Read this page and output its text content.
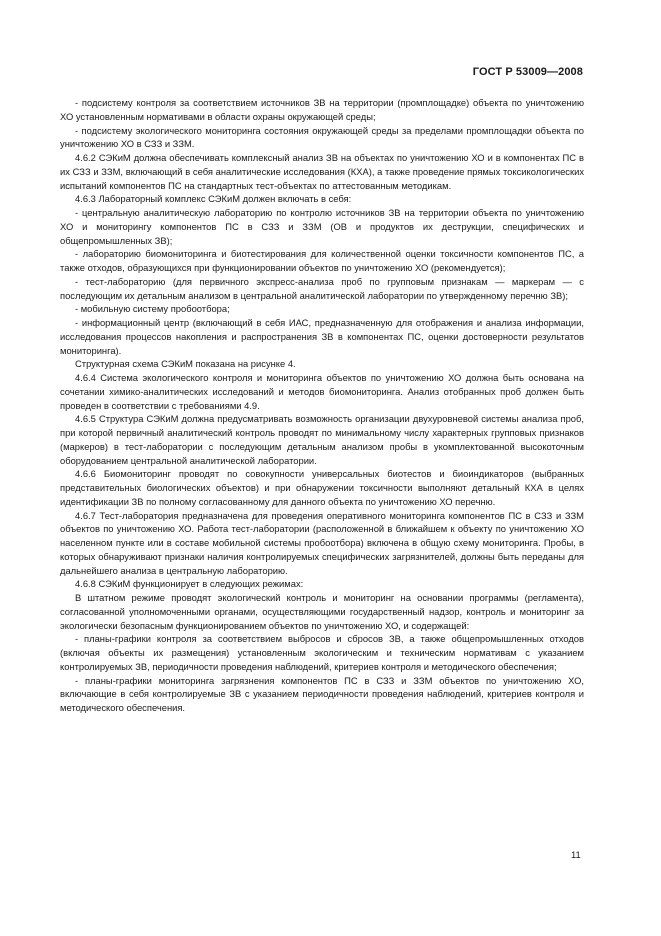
ГОСТ Р 53009—2008

- подсистему контроля за соответствием источников ЗВ на территории (промплощадке) объекта по уничтожению ХО установленным нормативами в области охраны окружающей среды;

- подсистему экологического мониторинга состояния окружающей среды за пределами промплощадки объекта по уничтожению ХО в СЗЗ и ЗЗМ.

4.6.2 СЭКиМ должна обеспечивать комплексный анализ ЗВ на объектах по уничтожению ХО и в компонентах ПС в их СЗЗ и ЗЗМ, включающий в себя аналитические исследования (КХА), а также проведение прямых токсикологических испытаний компонентов ПС на стандартных тест-объектах по аттестованным методикам.

4.6.3 Лабораторный комплекс СЭКиМ должен включать в себя:

- центральную аналитическую лабораторию по контролю источников ЗВ на территории объекта по уничтожению ХО и мониторингу компонентов ПС в СЗЗ и ЗЗМ (ОВ и продуктов их деструкции, специфических и общепромышленных ЗВ);

- лабораторию биомониторинга и биотестирования для количественной оценки токсичности компонентов ПС, а также отходов, образующихся при функционировании объектов по уничтожению ХО (рекомендуется);

- тест-лабораторию (для первичного экспресс-анализа проб по групповым признакам — маркерам — с последующим их детальным анализом в центральной аналитической лаборатории по утвержденному перечню ЗВ);

- мобильную систему пробоотбора;

- информационный центр (включающий в себя ИАС, предназначенную для отображения и анализа информации, исследования процессов накопления и распространения ЗВ в компонентах ПС, оценки достоверности результатов мониторинга).

Структурная схема СЭКиМ показана на рисунке 4.

4.6.4 Система экологического контроля и мониторинга объектов по уничтожению ХО должна быть основана на сочетании химико-аналитических исследований и методов биомониторинга. Анализ отобранных проб должен быть проведен в соответствии с требованиями 4.9.

4.6.5 Структура СЭКиМ должна предусматривать возможность организации двухуровневой системы анализа проб, при которой первичный аналитический контроль проводят по минимальному числу характерных групповых признаков (маркеров) в тест-лаборатории с последующим детальным анализом пробы в укомплектованной высокоточным оборудованием центральной аналитической лаборатории.

4.6.6 Биомониторинг проводят по совокупности универсальных биотестов и биоиндикаторов (выбранных представительных биологических объектов) и при обнаружении токсичности выполняют детальный КХА в целях идентификации ЗВ по полному согласованному для данного объекта по уничтожению ХО перечню.

4.6.7 Тест-лаборатория предназначена для проведения оперативного мониторинга компонентов ПС в СЗЗ и ЗЗМ объектов по уничтожению ХО. Работа тест-лаборатории (расположенной в ближайшем к объекту по уничтожению ХО населенном пункте или в составе мобильной системы пробоотбора) включена в общую схему мониторинга. Пробы, в которых обнаруживают признаки наличия контролируемых специфических загрязнителей, должны быть переданы для дальнейшего анализа в центральную лабораторию.

4.6.8 СЭКиМ функционирует в следующих режимах:

В штатном режиме проводят экологический контроль и мониторинг на основании программы (регламента), согласованной уполномоченными органами, осуществляющими государственный надзор, контроль и мониторинг за экологически безопасным функционированием объектов по уничтожению ХО, и содержащей:

- планы-графики контроля за соответствием выбросов и сбросов ЗВ, а также общепромышленных отходов (включая объекты их размещения) установленным экологическим и техническим нормативам с указанием контролируемых ЗВ, периодичности проведения наблюдений, критериев контроля и методического обеспечения;

- планы-графики мониторинга загрязнения компонентов ПС в СЗЗ и ЗЗМ объектов по уничтожению ХО, включающие в себя контролируемые ЗВ с указанием периодичности проведения наблюдений, критериев контроля и методического обеспечения.

11
